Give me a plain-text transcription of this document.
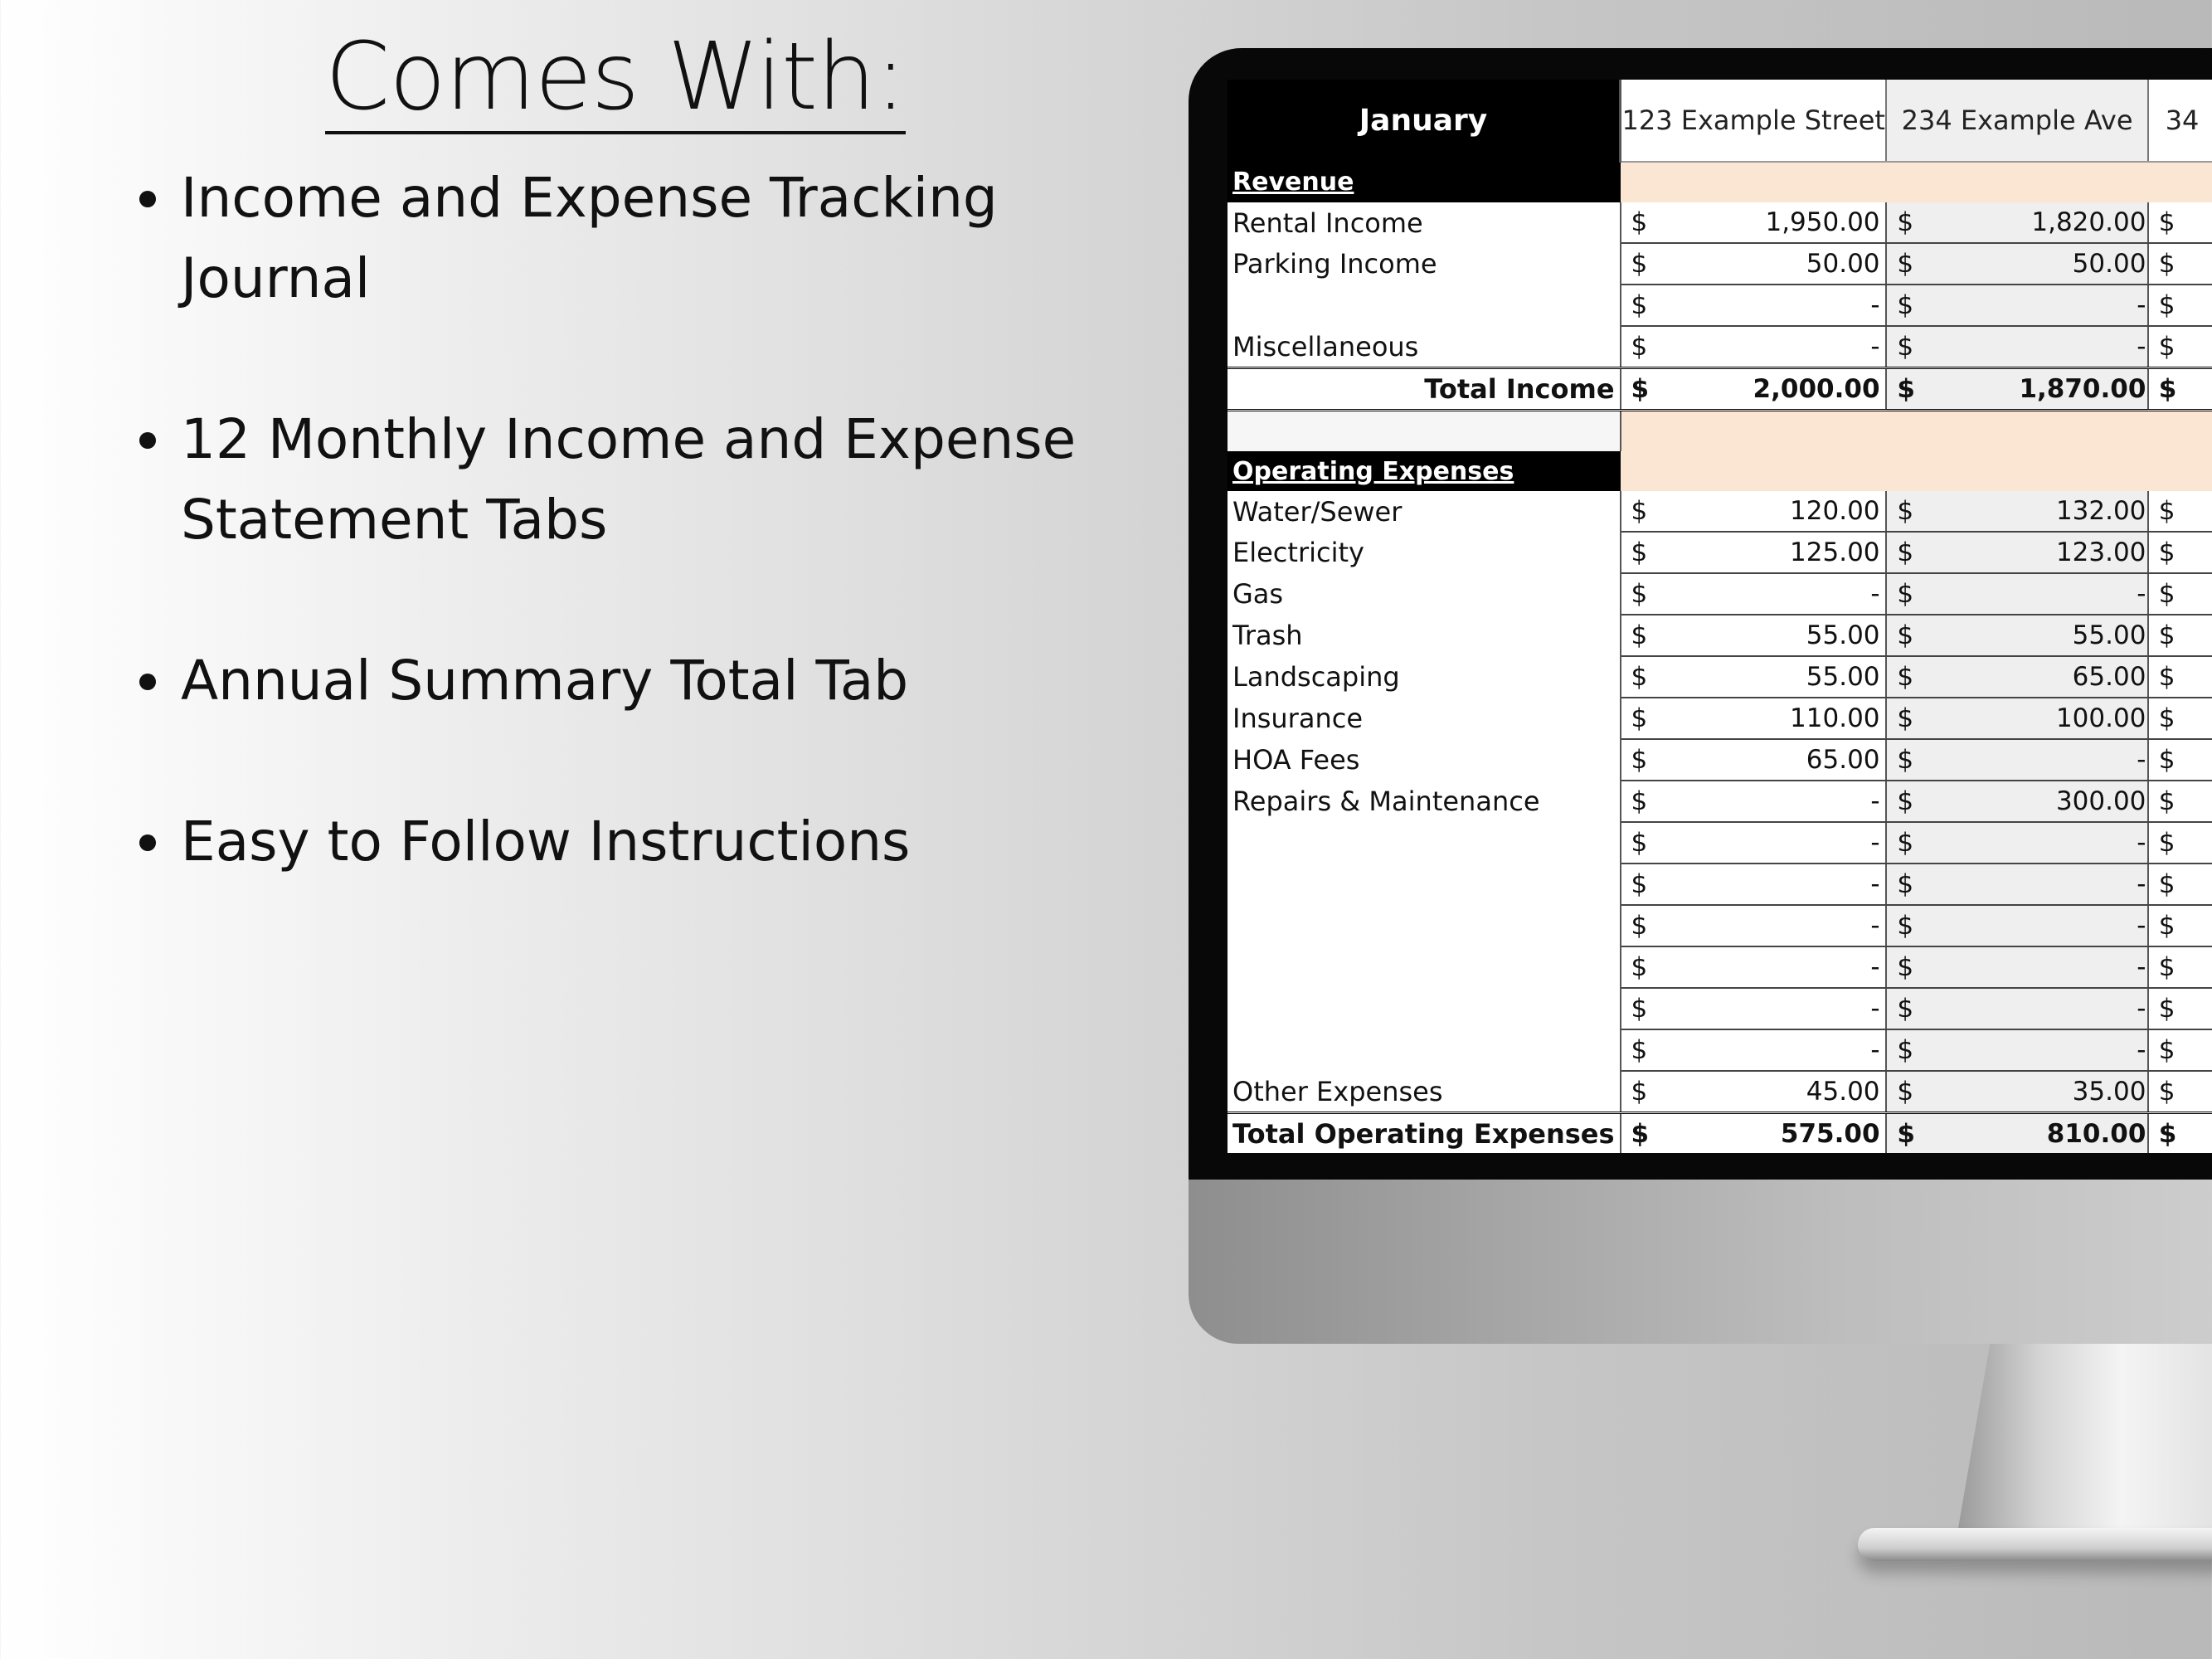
Comes With:
Income and Expense Tracking Journal
12 Monthly Income and Expense Statement Tabs
Annual Summary Total Tab
Easy to Follow Instructions
January	123 Example Street	234 Example Ave	34
Revenue			
Rental Income	$ 1,950.00	$ 1,820.00	$
Parking Income	$ 50.00	$ 50.00	$
	$ -	$ -	$
Miscellaneous	$ -	$ -	$
Total Income	$ 2,000.00	$ 1,870.00	$

Operating Expenses			
Water/Sewer	$ 120.00	$ 132.00	$
Electricity	$ 125.00	$ 123.00	$
Gas	$ -	$ -	$
Trash	$ 55.00	$ 55.00	$
Landscaping	$ 55.00	$ 65.00	$
Insurance	$ 110.00	$ 100.00	$
HOA Fees	$ 65.00	$ -	$
Repairs & Maintenance	$ -	$ 300.00	$
	$ -	$ -	$
	$ -	$ -	$
	$ -	$ -	$
	$ -	$ -	$
	$ -	$ -	$
	$ -	$ -	$
Other Expenses	$ 45.00	$ 35.00	$
Total Operating Expenses	$ 575.00	$ 810.00	$
